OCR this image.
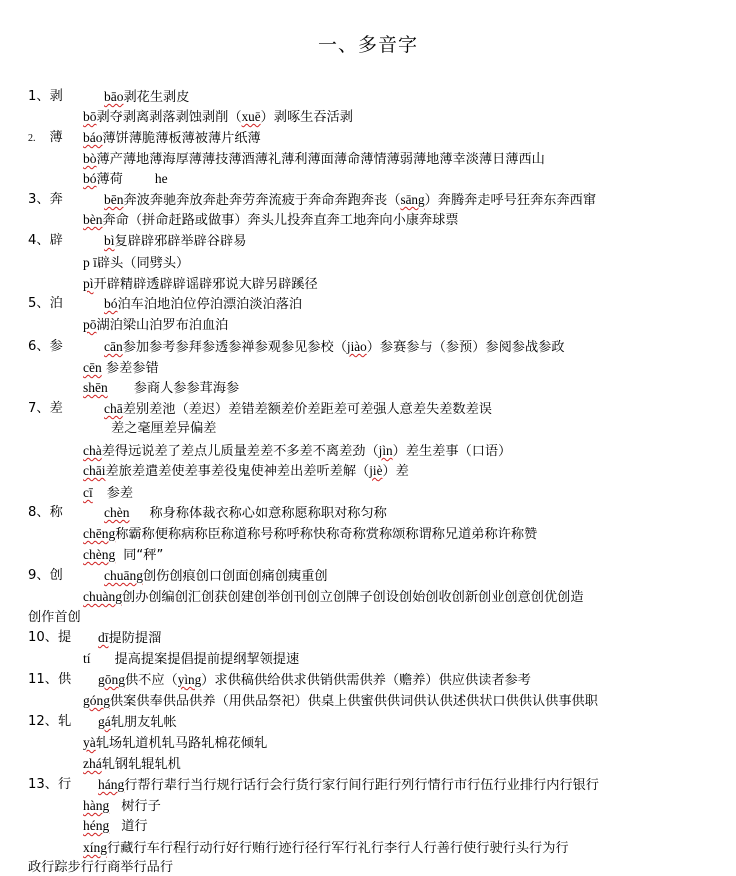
一、多音字
1、剥	bāo剥花生剥皮
bō剥夺剥离剥落剥蚀剥削（xuē）剥啄生吞活剥
2. 薄 báo薄饼薄脆薄板薄被薄片纸薄
bò薄产薄地薄海厚薄薄技薄酒薄礼薄利薄面薄命薄情薄弱薄地薄幸淡薄日薄西山
bó薄荷 he
3、奔	bēn奔波奔驰奔放奔赴奔劳奔流疲于奔命奔跑奔丧（sāng）奔腾奔走呼号狂奔东奔西窜
bèn奔命（拼命赶路或做事）奔头儿投奔直奔工地奔向小康奔球票
4、辟	bì复辟辟邪辟举辟谷辟易
p ī辟头（同劈头）
pì开辟精辟透辟辟谣辟邪说大辟另辟蹊径
5、泊	bó泊车泊地泊位停泊漂泊淡泊落泊
pō湖泊梁山泊罗布泊血泊
6、参	cān参加参考参拜参透参禅参观参见参校（jiào）参赛参与（参预）参阅参战参政
cēn 参差参错
shēn 参商人参参茸海参
7、差	chā差别差池（差迟）差错差额差价差距差可差强人意差失差数差误
差之毫厘差异偏差
chà差得远说差了差点儿质量差差不多差不离差劲（jìn）差生差事（口语）
chāi差旅差遣差使差事差役鬼使神差出差听差解（jiè）差
cī 参差
8、称	chèn 称身称体裁衣称心如意称愿称职对称匀称
chēng称霸称便称病称臣称道称号称呼称快称奇称赏称颂称谓称兄道弟称许称赞
chèng 同“秤”
9、创	chuāng创伤创痕创口创面创痛创痍重创
chuàng创办创编创汇创获创建创举创刊创立创牌子创设创始创收创新创业创意创优创造
创作首创
10、提 dī提防提溜
tí 提高提案提倡提前提纲挈领提速
11、供 gōng供不应（yìng）求供稿供给供求供销供需供养（赡养）供应供读者参考
góng供案供奉供品供养（用供品祭祀）供桌上供蜜供供词供认供述供状口供供认供事供职
12、轧 gá轧朋友轧帐
yà轧场轧道机轧马路轧棉花倾轧
zhá轧钢轧辊轧机
13、行 háng行帮行辈行当行规行话行会行货行家行间行距行列行情行市行伍行业排行内行银行
hàng 树行子
héng 道行
xíng行藏行车行程行动行好行贿行迹行径行军行礼行李行人行善行使行驶行头行为行
政行踪步行行商举行品行
